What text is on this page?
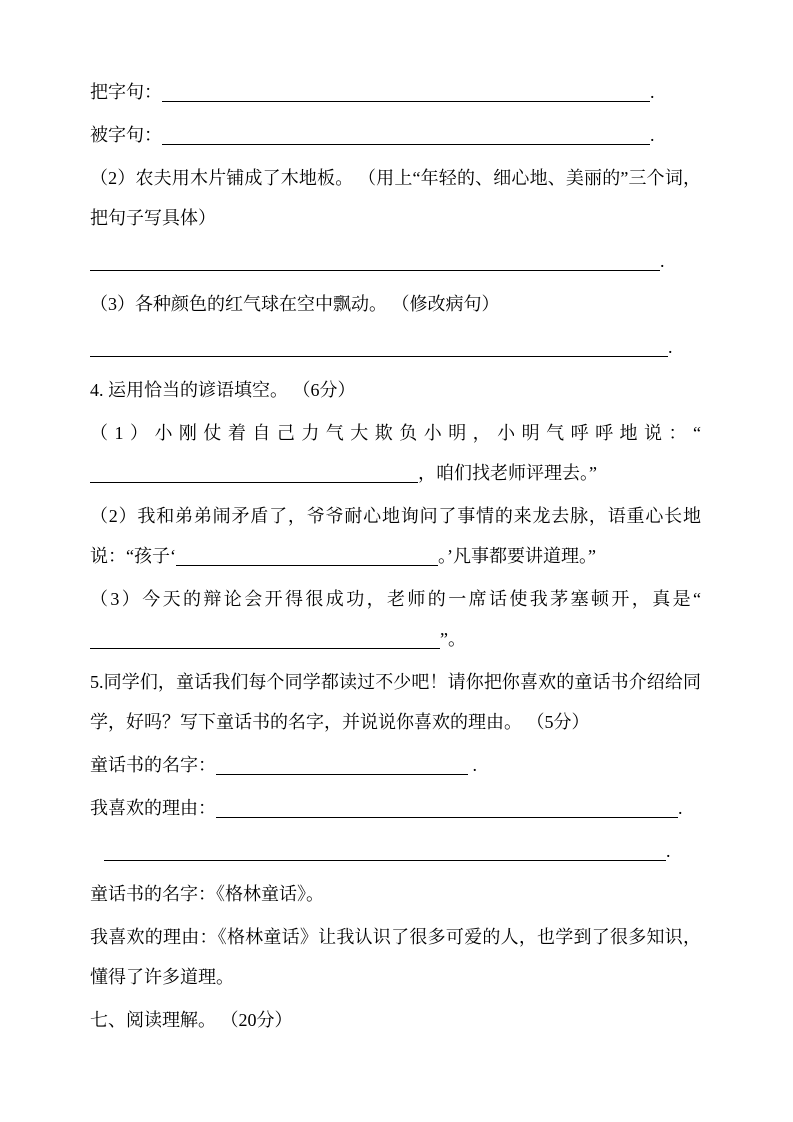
把字句：	.

被字句：	.

（2）农夫用木片铺成了木地板。 （用上“年轻的、细心地、美丽的”三个词，把句子写具体）

.

（3）各种颜色的红气球在空中飘动。 （修改病句）

.

4. 运用恰当的谚语填空。 （6分）

（1）小刚仗着自己力气大欺负小明，小明气呼呼地说：“，咱们找老师评理去。”

（2）我和弟弟闹矛盾了，爷爷耐心地询问了事情的来龙去脉，语重心长地说：“孩子‘	。’凡事都要讲道理。”

（3）今天的辩论会开得很成功，老师的一席话使我茅塞顿开，真是“”。

5.同学们，童话我们每个同学都读过不少吧！请你把你喜欢的童话书介绍给同学，好吗？写下童话书的名字，并说说你喜欢的理由。 （5分）

童话书的名字：	.

我喜欢的理由：	.

.

童话书的名字：《格林童话》。

我喜欢的理由：《格林童话》让我认识了很多可爱的人，也学到了很多知识，懂得了许多道理。

七、阅读理解。 （20分）
